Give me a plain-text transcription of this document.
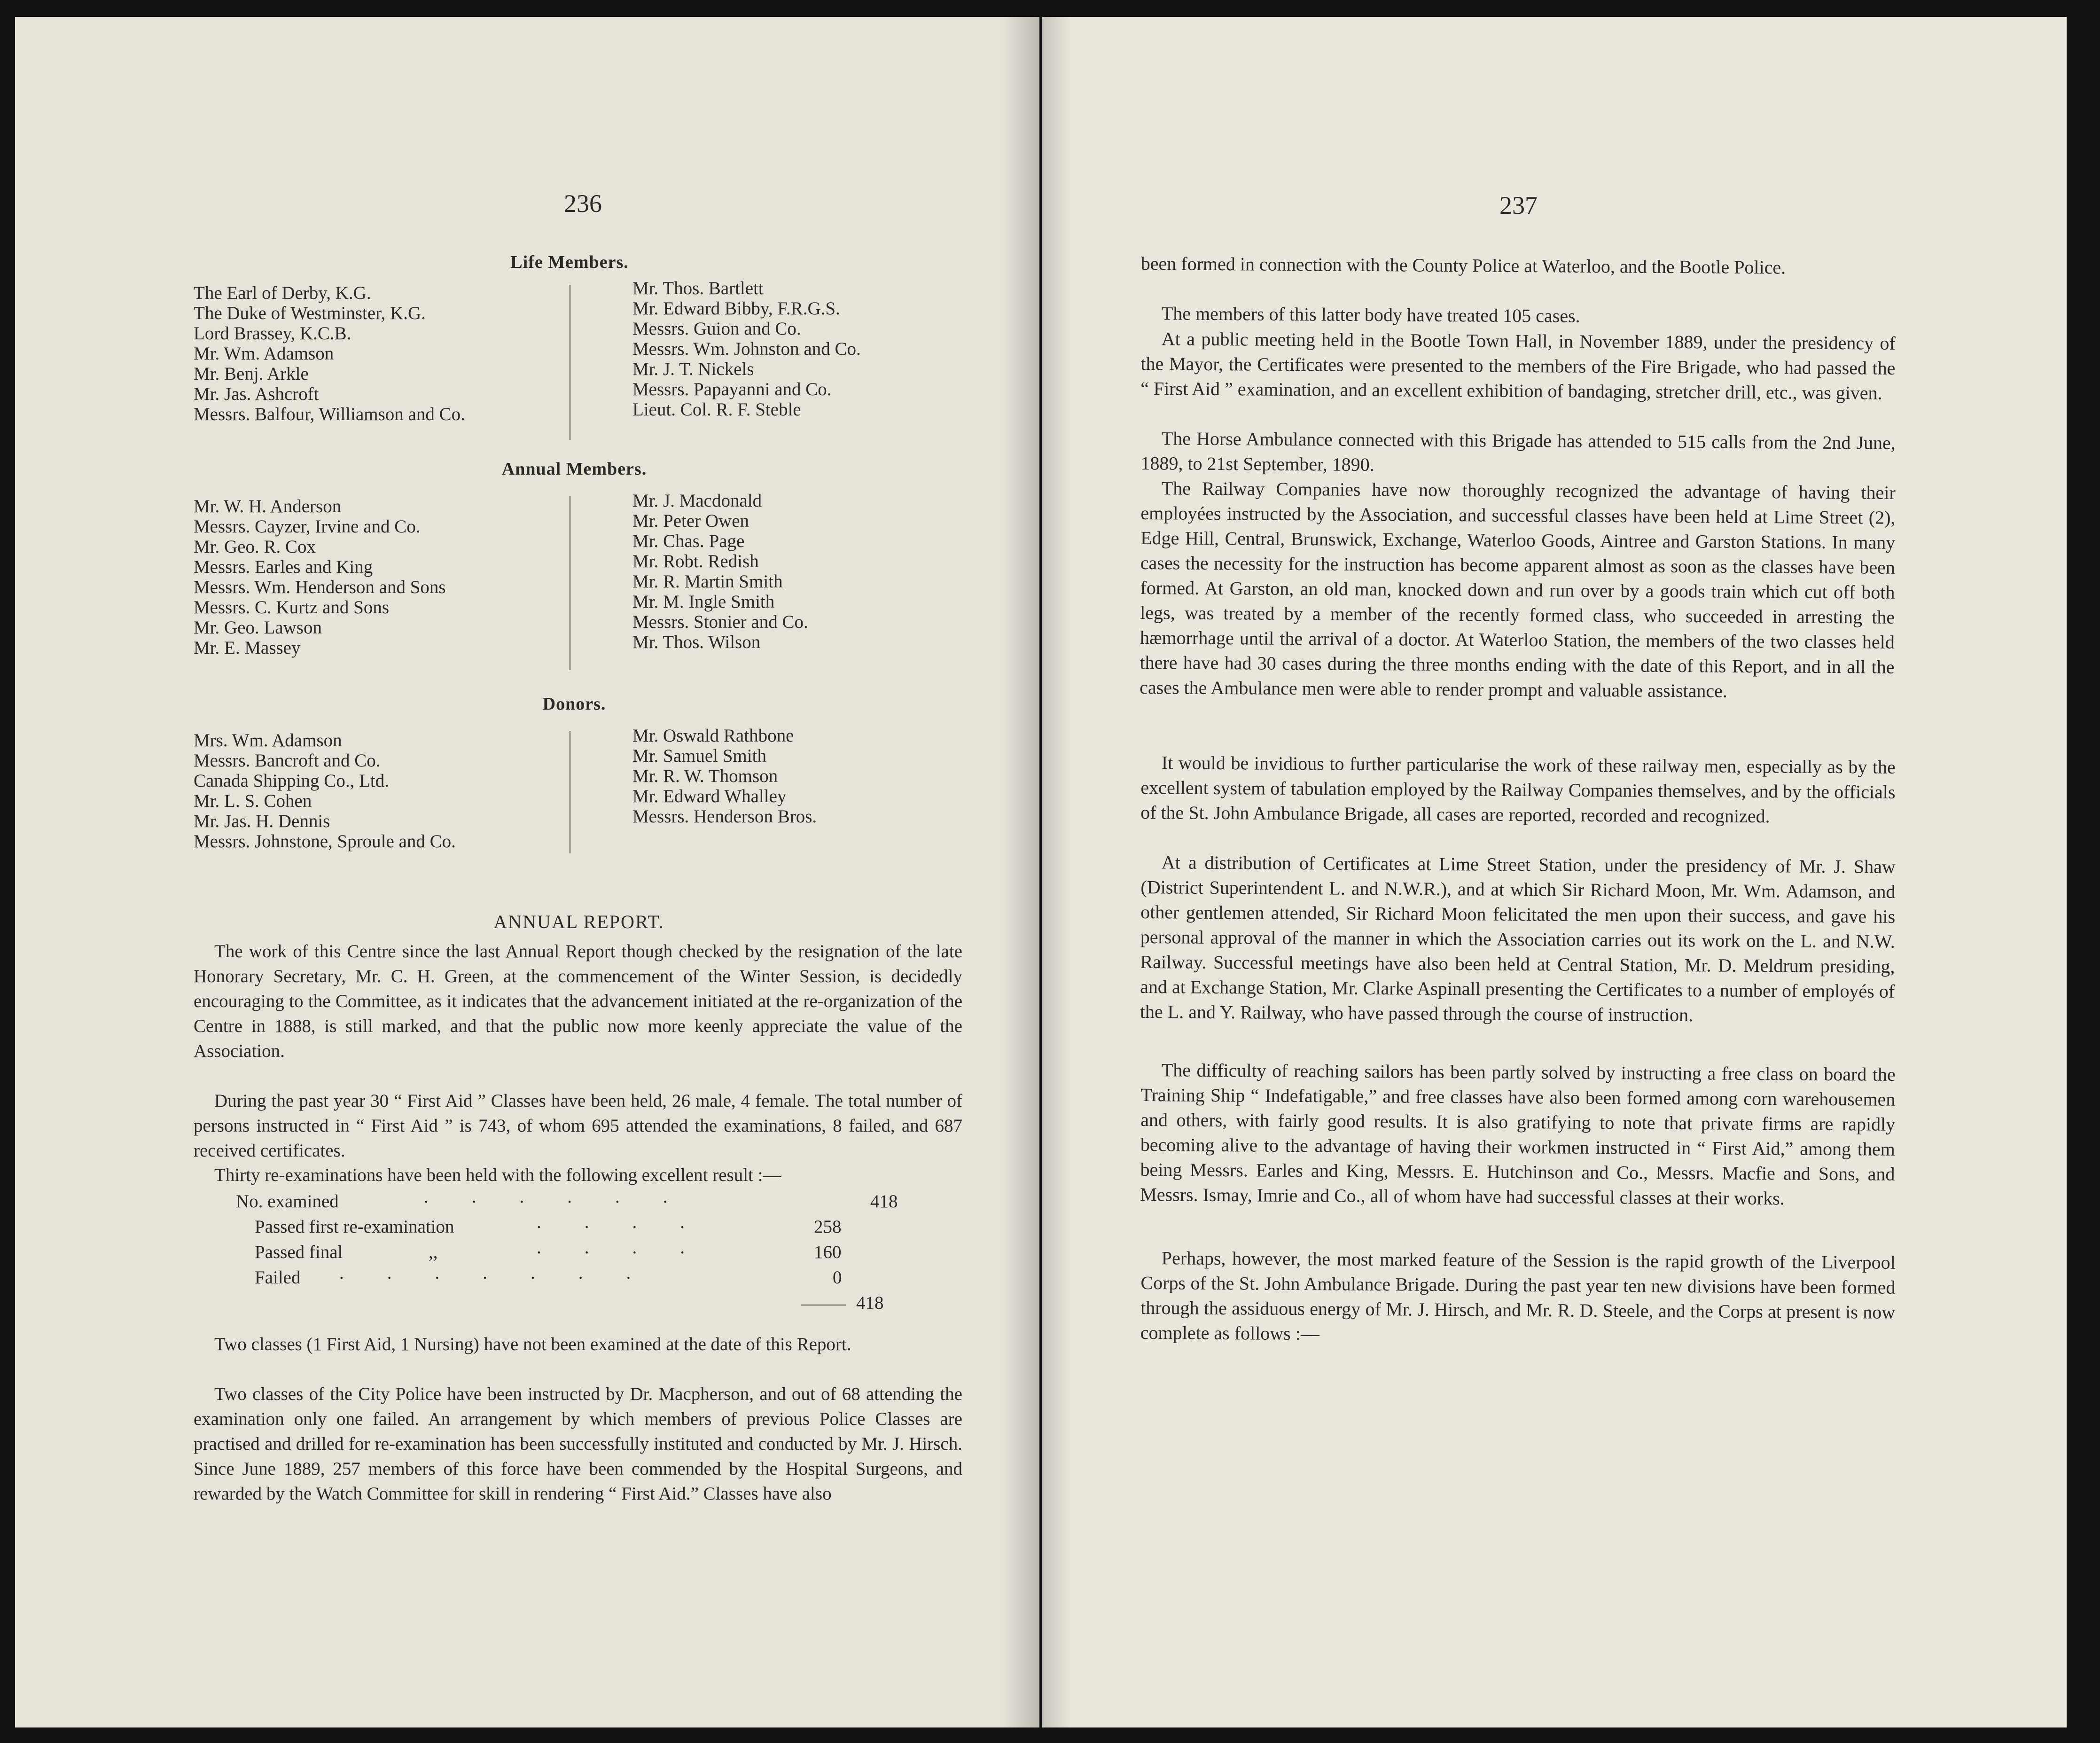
236
Life Members.
The Earl of Derby, K.G.
The Duke of Westminster, K.G.
Lord Brassey, K.C.B.
Mr. Wm. Adamson
Mr. Benj. Arkle
Mr. Jas. Ashcroft
Messrs. Balfour, Williamson and Co.
Mr. Thos. Bartlett
Mr. Edward Bibby, F.R.G.S.
Messrs. Guion and Co.
Messrs. Wm. Johnston and Co.
Mr. J. T. Nickels
Messrs. Papayanni and Co.
Lieut. Col. R. F. Steble
Annual Members.
Mr. W. H. Anderson
Messrs. Cayzer, Irvine and Co.
Mr. Geo. R. Cox
Messrs. Earles and King
Messrs. Wm. Henderson and Sons
Messrs. C. Kurtz and Sons
Mr. Geo. Lawson
Mr. E. Massey
Mr. J. Macdonald
Mr. Peter Owen
Mr. Chas. Page
Mr. Robt. Redish
Mr. R. Martin Smith
Mr. M. Ingle Smith
Messrs. Stonier and Co.
Mr. Thos. Wilson
Donors.
Mrs. Wm. Adamson
Messrs. Bancroft and Co.
Canada Shipping Co., Ltd.
Mr. L. S. Cohen
Mr. Jas. H. Dennis
Messrs. Johnstone, Sproule and Co.
Mr. Oswald Rathbone
Mr. Samuel Smith
Mr. R. W. Thomson
Mr. Edward Whalley
Messrs. Henderson Bros.
ANNUAL REPORT.

The work of this Centre since the last Annual Report though checked by the resignation of the late Honorary Secretary, Mr. C. H. Green, at the commencement of the Winter Session, is decidedly encouraging to the Committee, as it indicates that the advancement initiated at the re-organization of the Centre in 1888, is still marked, and that the public now more keenly appreciate the value of the Association.

During the past year 30 “ First Aid ” Classes have been held, 26 male, 4 female. The total number of persons instructed in “ First Aid ” is 743, of whom 695 attended the examinations, 8 failed, and 687 received certificates.

Thirty re-examinations have been held with the following excellent result :—

No. examined	......	418
Passed first re-examination	....	258
Passed final	,,	....	160
Failed .......	0
418

Two classes (1 First Aid, 1 Nursing) have not been examined at the date of this Report.

Two classes of the City Police have been instructed by Dr. Macpherson, and out of 68 attending the examination only one failed. An arrangement by which members of previous Police Classes are practised and drilled for re-examination has been successfully instituted and conducted by Mr. J. Hirsch. Since June 1889, 257 members of this force have been commended by the Hospital Surgeons, and rewarded by the Watch Committee for skill in rendering “ First Aid.” Classes have also

237

been formed in connection with the County Police at Waterloo, and the Bootle Police.

The members of this latter body have treated 105 cases.

At a public meeting held in the Bootle Town Hall, in November 1889, under the presidency of the Mayor, the Certificates were presented to the members of the Fire Brigade, who had passed the “ First Aid ” examination, and an excellent exhibition of bandaging, stretcher drill, etc., was given.

The Horse Ambulance connected with this Brigade has attended to 515 calls from the 2nd June, 1889, to 21st September, 1890.

The Railway Companies have now thoroughly recognized the advantage of having their employées instructed by the Association, and successful classes have been held at Lime Street (2), Edge Hill, Central, Brunswick, Exchange, Waterloo Goods, Aintree and Garston Stations. In many cases the necessity for the instruction has become apparent almost as soon as the classes have been formed. At Garston, an old man, knocked down and run over by a goods train which cut off both legs, was treated by a member of the recently formed class, who succeeded in arresting the hæmorrhage until the arrival of a doctor. At Waterloo Station, the members of the two classes held there have had 30 cases during the three months ending with the date of this Report, and in all the cases the Ambulance men were able to render prompt and valuable assistance.

It would be invidious to further particularise the work of these railway men, especially as by the excellent system of tabulation employed by the Railway Companies themselves, and by the officials of the St. John Ambulance Brigade, all cases are reported, recorded and recognized.

At a distribution of Certificates at Lime Street Station, under the presidency of Mr. J. Shaw (District Superintendent L. and N.W.R.), and at which Sir Richard Moon, Mr. Wm. Adamson, and other gentlemen attended, Sir Richard Moon felicitated the men upon their success, and gave his personal approval of the manner in which the Association carries out its work on the L. and N.W. Railway. Successful meetings have also been held at Central Station, Mr. D. Meldrum presiding, and at Exchange Station, Mr. Clarke Aspinall presenting the Certificates to a number of employés of the L. and Y. Railway, who have passed through the course of instruction.

The difficulty of reaching sailors has been partly solved by instructing a free class on board the Training Ship “ Indefatigable,” and free classes have also been formed among corn warehousemen and others, with fairly good results. It is also gratifying to note that private firms are rapidly becoming alive to the advantage of having their workmen instructed in “ First Aid,” among them being Messrs. Earles and King, Messrs. E. Hutchinson and Co., Messrs. Macfie and Sons, and Messrs. Ismay, Imrie and Co., all of whom have had successful classes at their works.

Perhaps, however, the most marked feature of the Session is the rapid growth of the Liverpool Corps of the St. John Ambulance Brigade. During the past year ten new divisions have been formed through the assiduous energy of Mr. J. Hirsch, and Mr. R. D. Steele, and the Corps at present is now complete as follows :—
